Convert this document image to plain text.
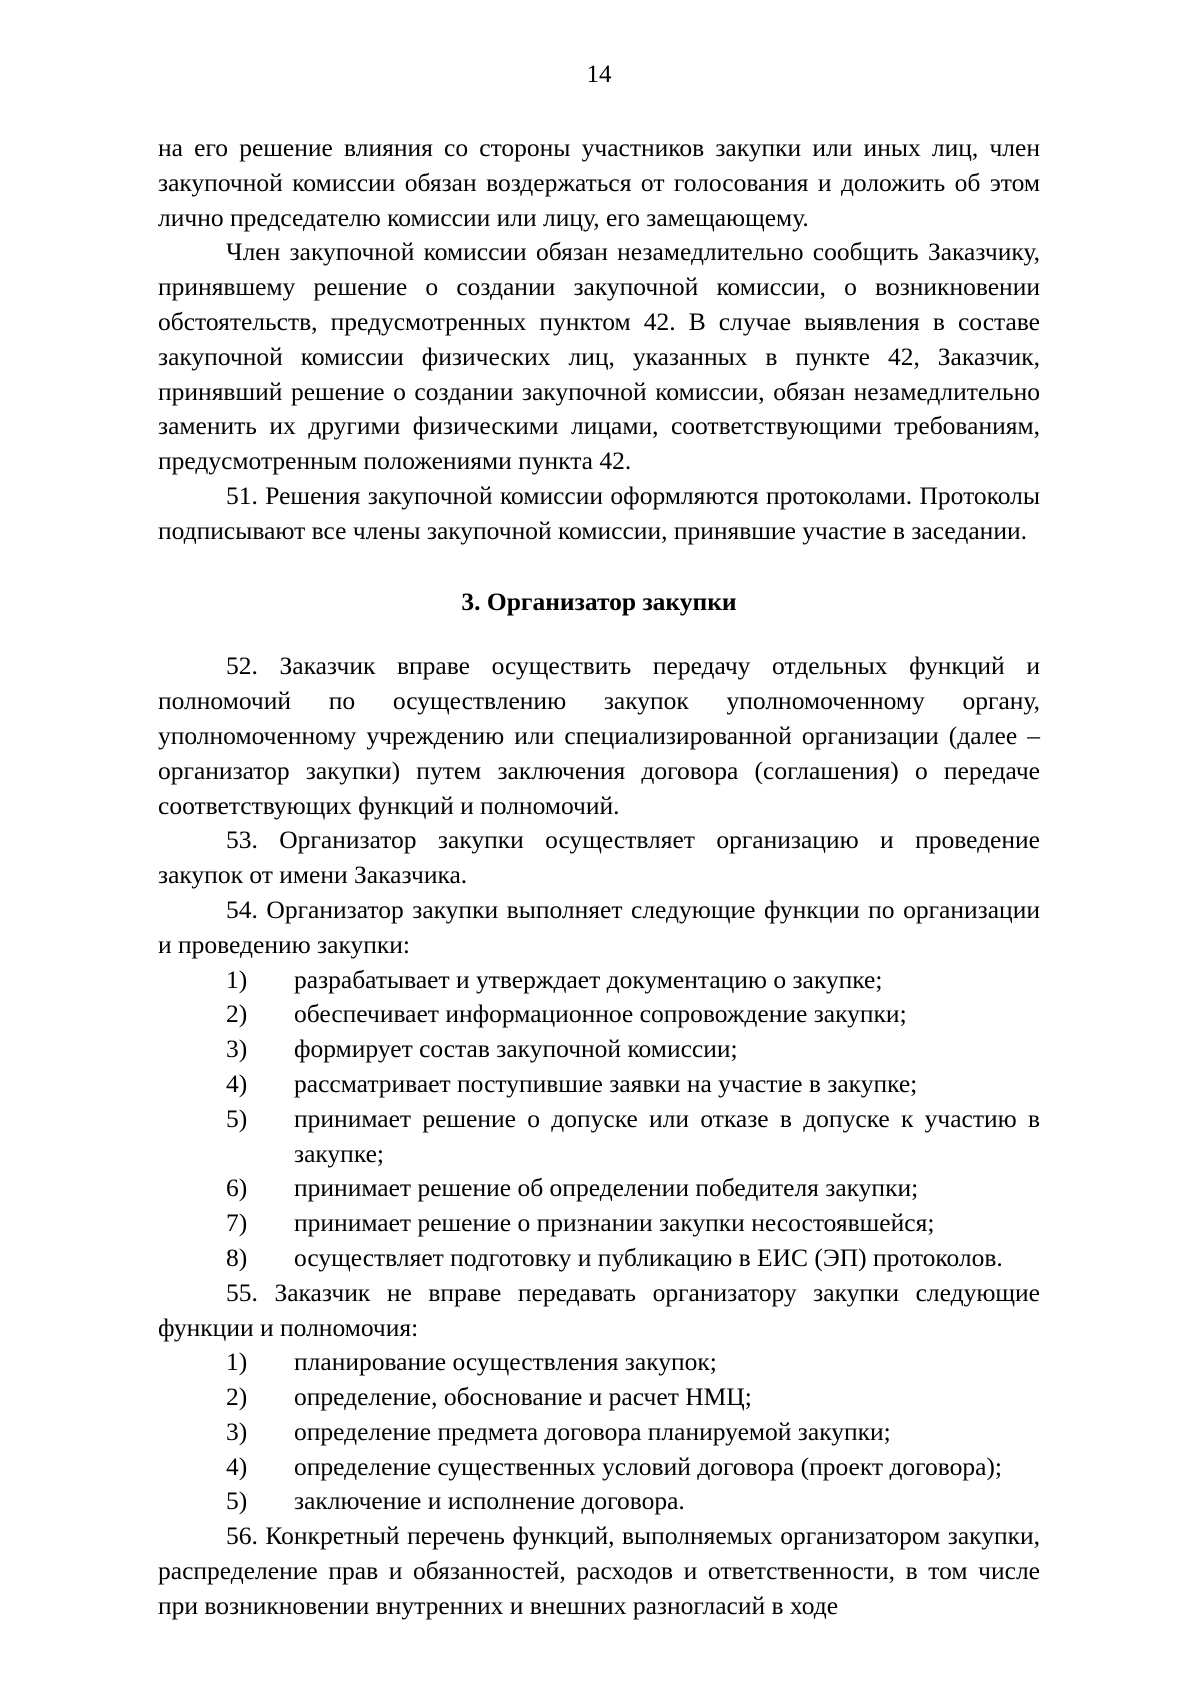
14

на его решение влияния со стороны участников закупки или иных лиц, член закупочной комиссии обязан воздержаться от голосования и доложить об этом лично председателю комиссии или лицу, его замещающему.

Член закупочной комиссии обязан незамедлительно сообщить Заказчику, принявшему решение о создании закупочной комиссии, о возникновении обстоятельств, предусмотренных пунктом 42. В случае выявления в составе закупочной комиссии физических лиц, указанных в пункте 42, Заказчик, принявший решение о создании закупочной комиссии, обязан незамедлительно заменить их другими физическими лицами, соответствующими требованиям, предусмотренным положениями пункта 42.

51. Решения закупочной комиссии оформляются протоколами. Протоколы подписывают все члены закупочной комиссии, принявшие участие в заседании.

3. Организатор закупки

52. Заказчик вправе осуществить передачу отдельных функций и полномочий по осуществлению закупок уполномоченному органу, уполномоченному учреждению или специализированной организации (далее – организатор закупки) путем заключения договора (соглашения) о передаче соответствующих функций и полномочий.

53. Организатор закупки осуществляет организацию и проведение закупок от имени Заказчика.

54. Организатор закупки выполняет следующие функции по организации и проведению закупки:

1)	разрабатывает и утверждает документацию о закупке;
2)	обеспечивает информационное сопровождение закупки;
3)	формирует состав закупочной комиссии;
4)	рассматривает поступившие заявки на участие в закупке;
5)	принимает решение о допуске или отказе в допуске к участию в закупке;
6)	принимает решение об определении победителя закупки;
7)	принимает решение о признании закупки несостоявшейся;
8)	осуществляет подготовку и публикацию в ЕИС (ЭП) протоколов.

55. Заказчик не вправе передавать организатору закупки следующие функции и полномочия:

1)	планирование осуществления закупок;
2)	определение, обоснование и расчет НМЦ;
3)	определение предмета договора планируемой закупки;
4)	определение существенных условий договора (проект договора);
5)	заключение и исполнение договора.

56. Конкретный перечень функций, выполняемых организатором закупки, распределение прав и обязанностей, расходов и ответственности, в том числе при возникновении внутренних и внешних разногласий в ходе
